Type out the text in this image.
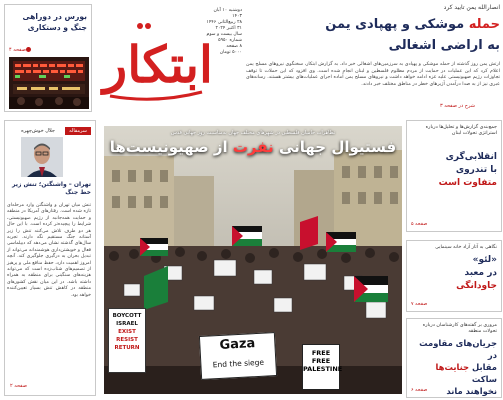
بورس در دوراهی
جنگ و دستکاری
صفحه ۴ ابتکار
دوشنبه ۱۰ آبان ۱۴۰۳
۲۸ ربیع‌الثانی ۱۴۴۶
۳۱ اکتبر ۲۰۲۴
سال بیست و سوم
شماره ۵۹۵۰
۸ صفحه
۵۰۰۰ تومان
انصارالله یمن تایید کرد
حمله موشکی و پهپادی یمن
به اراضی اشغالی
ارتش یمن روز گذشته از حمله موشکی و پهپادی به سرزمین‌های اشغالی خبر داد. به گزارش ابتکار، سخنگوی نیروهای مسلح یمن اعلام کرد که این عملیات در حمایت از مردم مظلوم فلسطین و لبنان انجام شده است. وی افزود که این حملات تا توقف تجاوزات رژیم صهیونیستی علیه غزه ادامه خواهد داشت و نیروهای مسلح یمن آماده اجرای عملیات‌های بیشتر هستند. رسانه‌های عبری نیز از به صدا درآمدن آژیرهای خطر در مناطق مختلف خبر دادند.
شرح در صفحه ۳
سرمقاله
جلال خوش‌چهره
تهران – واشنگتن؛ تنش زیر خط جنگ
تنش میان تهران و واشنگتن وارد مرحله‌ای تازه شده است. رفتارهای آمریکا در منطقه و حمایت همه‌جانبه از رژیم صهیونیستی، شرایط را پیچیده‌تر کرده است. با این حال هر دو طرف تلاش می‌کنند تنش را زیر آستانه جنگ مستقیم نگه دارند. تجربه سال‌های گذشته نشان می‌دهد که دیپلماسی فعال و خویشتن‌داری هوشمندانه می‌تواند از تبدیل بحران به درگیری جلوگیری کند. آنچه امروز اهمیت دارد، حفظ منافع ملی و پرهیز از تصمیم‌های شتاب‌زده است که می‌تواند هزینه‌های سنگینی برای منطقه به همراه داشته باشد. در این میان نقش کشورهای منطقه در کاهش تنش بسیار تعیین‌کننده خواهد بود.
صفحه ۲
تظاهرات حامیان فلسطین در شهرهای مختلف جهان به‌مناسبت روز جهانی قدس
فستیوال جهانی نفرت از صهیونیست‌ها
BOYCOTT
ISRAEL
EXIST
RESIST
RETURN	Gaza
End the siege
FREE
FREE
PALESTINE
جمع‌بندی گزارش‌ها و تحلیل‌ها درباره استراتژی تحولات لبنان
انقلابی‌گری
با تندروی
متفاوت است
صفحه ۵
نگاهی به آثار آزاد خانه سینمایی
«لئو»
در معبد
جاودانگی
صفحه ۷
مروری بر گفته‌های کارشناسان درباره تحولات منطقه
جریان‌های مقاومت در
مقابل جنایت‌ها ساکت
نخواهند ماند
صفحه ۶
